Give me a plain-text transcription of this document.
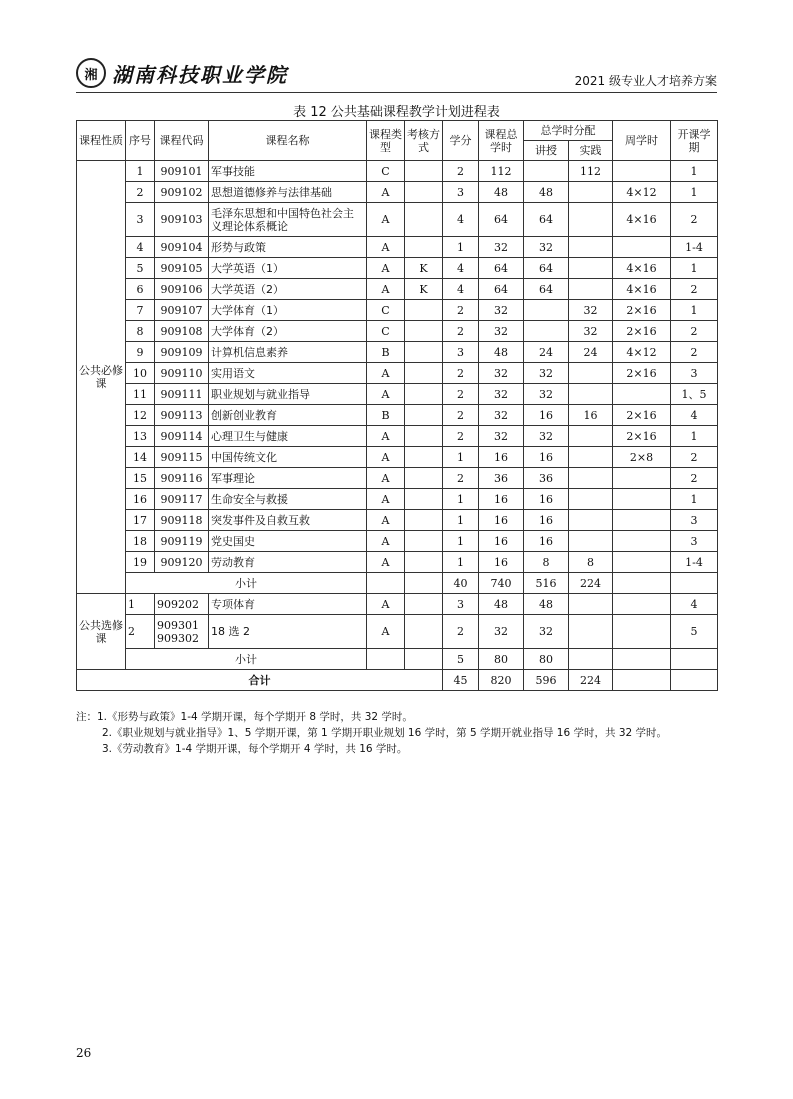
湘 湖南科技职业学院	2021 级专业人才培养方案
表 12 公共基础课程教学计划进程表
课程性质	序号	课程代码	课程名称	课程类型	考核方式	学分	课程总学时	总学时分配		周学时	开课学期
								讲授	实践		
公共必修课	1	909101	军事技能	C		2	112		112		1
	2	909102	思想道德修养与法律基础	A		3	48	48		4×12	1
	3	909103	毛泽东思想和中国特色社会主义理论体系概论	A		4	64	64		4×16	2
	4	909104	形势与政策	A		1	32	32			1-4
	5	909105	大学英语（1）	A	K	4	64	64		4×16	1
	6	909106	大学英语（2）	A	K	4	64	64		4×16	2
	7	909107	大学体育（1）	C		2	32		32	2×16	1
	8	909108	大学体育（2）	C		2	32		32	2×16	2
	9	909109	计算机信息素养	B		3	48	24	24	4×12	2
	10	909110	实用语文	A		2	32	32		2×16	3
	11	909111	职业规划与就业指导	A		2	32	32			1、5
	12	909113	创新创业教育	B		2	32	16	16	2×16	4
	13	909114	心理卫生与健康	A		2	32	32		2×16	1
	14	909115	中国传统文化	A		1	16	16		2×8	2
	15	909116	军事理论	A		2	36	36			2
	16	909117	生命安全与救援	A		1	16	16			1
	17	909118	突发事件及自救互救	A		1	16	16			3
	18	909119	党史国史	A		1	16	16			3
	19	909120	劳动教育	A		1	16	8	8		1-4
	小计					40	740	516	224		
公共选修课	1	909202	专项体育	A		3	48	48			4
	2	909301 909302	18 选 2	A		2	32	32			5
	小计					5	80	80			
合计						45	820	596	224		
注：1.《形势与政策》1-4 学期开课，每个学期开 8 学时，共 32 学时。
2.《职业规划与就业指导》1、5 学期开课，第 1 学期开职业规划 16 学时，第 5 学期开就业指导 16 学时，共 32 学时。
3.《劳动教育》1-4 学期开课，每个学期开 4 学时，共 16 学时。
26
